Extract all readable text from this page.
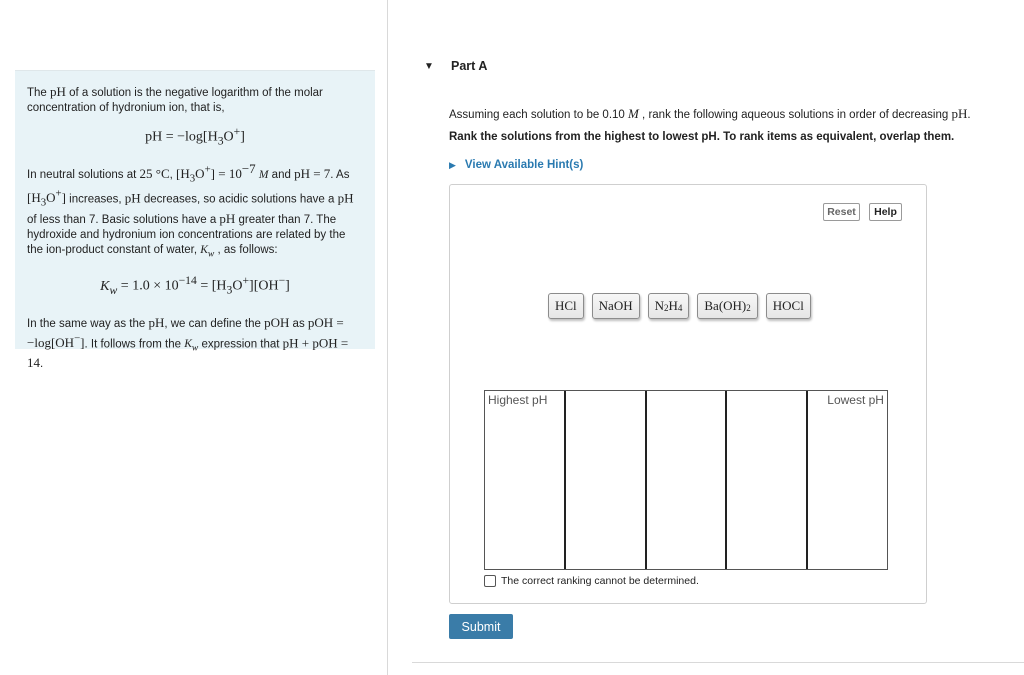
The pH of a solution is the negative logarithm of the molar concentration of hydronium ion, that is,

pH = $-\log[H_3O^+]$

In neutral solutions at 25 °C, $[H_3O^+] = 10^{-7}$ M and pH = 7. As $[H_3O^+]$ increases, pH decreases, so acidic solutions have a pH of less than 7. Basic solutions have a pH greater than 7. The hydroxide and hydronium ion concentrations are related by the the ion-product constant of water, $K_w$ , as follows:

$K_w = 1.0 \times 10^{-14} = [H_3O^+][OH^-]$

In the same way as the pH, we can define the pOH as pOH = −log[OH−]. It follows from the $K_w$ expression that pH + pOH = 14.

▼	Part A
Assuming each solution to be 0.10 M , rank the following aqueous solutions in order of decreasing pH.
Rank the solutions from the highest to lowest pH. To rank items as equivalent, overlap them.
▶ View Available Hint(s)
Reset	Help
HCl	NaOH	$N_2$ $H_4$	$Ba(OH)_2$	HOCl
Highest pH	Lowest pH
The correct ranking cannot be determined.
Submit
